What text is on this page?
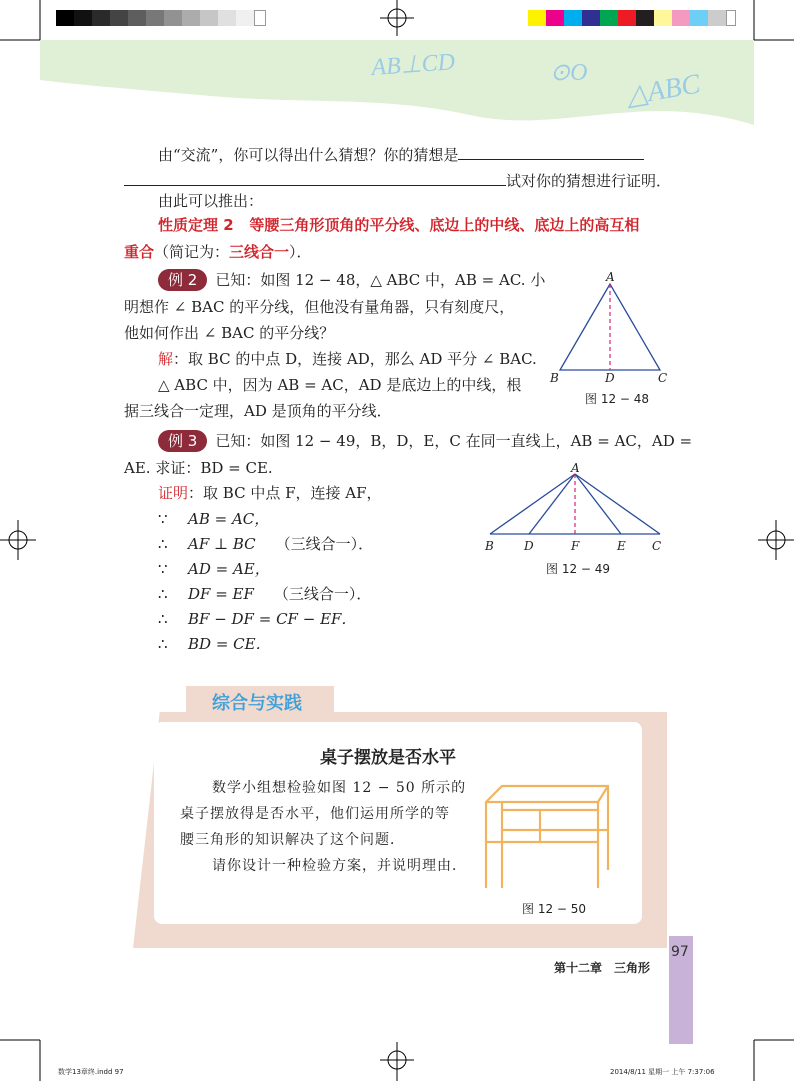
AB⊥CD	⊙O △ABC
由“交流”，你可以得出什么猜想？你的猜想是
试对你的猜想进行证明．
由此可以推出：
性质定理 2 等腰三角形顶角的平分线、底边上的中线、底边上的高互相
重合（简记为：三线合一）．
例 2 已知：如图 12 − 48，△ ABC 中，AB = AC. 小
明想作 ∠ BAC 的平分线，但他没有量角器，只有刻度尺，
他如何作出 ∠ BAC 的平分线？
解：取 BC 的中点 D，连接 AD，那么 AD 平分 ∠ BAC.
△ ABC 中，因为 AB = AC，AD 是底边上的中线，根
据三线合一定理，AD 是顶角的平分线．
A
B	D	C
图 12 − 48
例 3 已知：如图 12 − 49，B，D，E，C 在同一直线上，AB = AC，AD =
AE. 求证：BD = CE.
证明：取 BC 中点 F，连接 AF，
∵ AB = AC，
∴ AF ⊥ BC （三线合一）．
∵ AD = AE，
∴ DF = EF （三线合一）．
∴ BF − DF = CF − EF．
∴ BD = CE．
A
B	D	F	E C
图 12 − 49
综合与实践
桌子摆放是否水平
数学小组想检验如图 12 − 50 所示的
桌子摆放得是否水平，他们运用所学的等
腰三角形的知识解决了这个问题．
请你设计一种检验方案，并说明理由．
图 12 − 50
第十二章　三角形
97
数学13章终.indd 97	2014/8/11 星期一 上午 7:37:06
